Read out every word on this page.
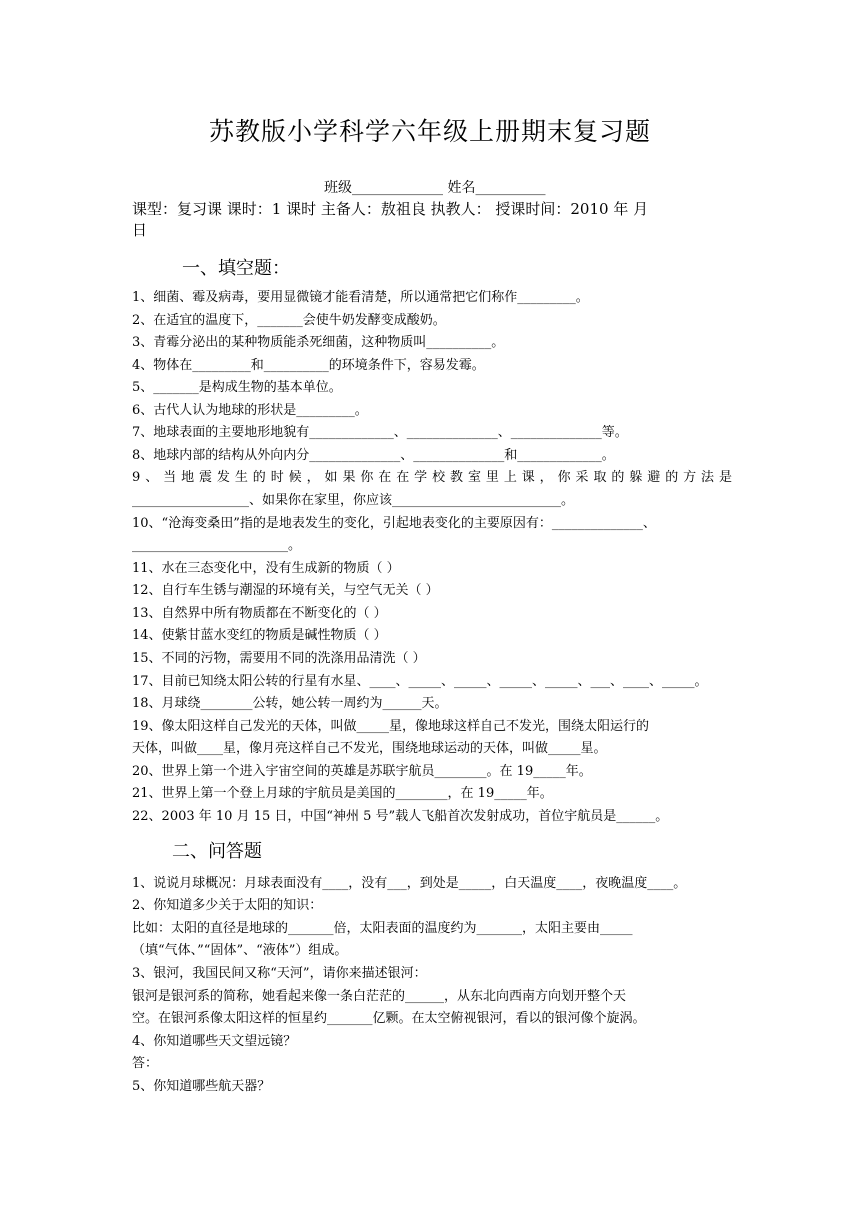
苏教版小学科学六年级上册期末复习题
班级_____________ 姓名__________
课型：复习课 课时：1 课时 主备人：敖祖良 执教人： 授课时间：2010 年 月
日
一、填空题：
1、细菌、霉及病毒，要用显微镜才能看清楚，所以通常把它们称作_________。
2、在适宜的温度下，_______会使牛奶发酵变成酸奶。
3、青霉分泌出的某种物质能杀死细菌，这种物质叫__________。
4、物体在_________和__________的环境条件下，容易发霉。
5、_______是构成生物的基本单位。
6、古代人认为地球的形状是_________。
7、地球表面的主要地形地貌有_____________、______________、______________等。
8、地球内部的结构从外向内分______________、______________和_____________。
9、当地震发生的时候，如果你在在学校教室里上课，你采取的躲避的方法是
__________________、如果你在家里，你应该__________________________。
10、“沧海变桑田”指的是地表发生的变化，引起地表变化的主要原因有：______________、
________________________。
11、水在三态变化中，没有生成新的物质（ ）
12、自行车生锈与潮湿的环境有关，与空气无关（ ）
13、自然界中所有物质都在不断变化的（ ）
14、使紫甘蓝水变红的物质是碱性物质（ ）
15、不同的污物，需要用不同的洗涤用品清洗（ ）
17、目前已知绕太阳公转的行星有水星、____、_____、_____、_____、_____、___、____、_____。
18、月球绕________公转，她公转一周约为______天。
19、像太阳这样自己发光的天体，叫做_____星，像地球这样自己不发光，围绕太阳运行的
天体，叫做____星，像月亮这样自己不发光，围绕地球运动的天体，叫做_____星。
20、世界上第一个进入宇宙空间的英雄是苏联宇航员________。在 19_____年。
21、世界上第一个登上月球的宇航员是美国的________，在 19_____年。
22、2003 年 10 月 15 日，中国“神州 5 号”载人飞船首次发射成功，首位宇航员是______。
二、问答题
1、说说月球概况：月球表面没有____，没有___，到处是_____，白天温度____，夜晚温度____。
2、你知道多少关于太阳的知识：
比如：太阳的直径是地球的_______倍，太阳表面的温度约为_______，太阳主要由_____
（填“气体、”“固体”、“液体”）组成。
3、银河，我国民间又称“天河”，请你来描述银河：
银河是银河系的简称，她看起来像一条白茫茫的______，从东北向西南方向划开整个天
空。在银河系像太阳这样的恒星约_______亿颗。在太空俯视银河，看以的银河像个旋涡。
4、你知道哪些天文望远镜？
答：
5、你知道哪些航天器？
